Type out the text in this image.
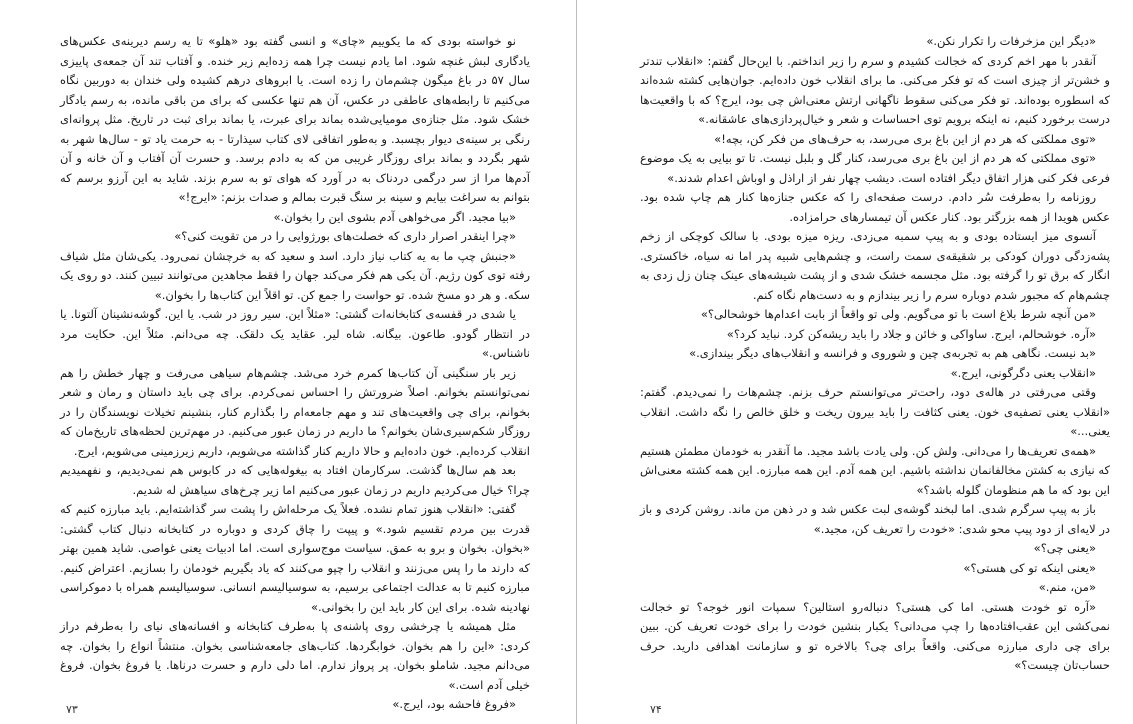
نو خواسته بودی که ما یکوییم «چای» و انسی گفته بود «هلو» تا یه رسم دیرینه‌ی عکس‌های یادگاری لبش غنچه شود. اما یادم نیست چرا همه زده‌ایم زیر خنده. و آفتاب تند آن جمعه‌ی پاییزی سال ۵۷ در باغ میگون چشم‌مان را زده است. یا ابروهای درهم کشیده ولی خندان به دوربین نگاه می‌کنیم تا رابطه‌های عاطفی در عکس، آن هم تنها عکسی که برای من باقی مانده، به رسم یادگار خشک شود. مثل جنازه‌ی مومیایی‌شده بماند برای عبرت، یا بماند برای ثبت در تاریخ. مثل پروانه‌ای رنگی بر سینه‌ی دیوار بچسبد. و به‌طور اتفاقی لای کتاب سیذارتا - به حرمت یاد تو - سال‌ها شهر به شهر بگردد و بماند برای روزگار غریبی من که به دادم برسد. و حسرت آن آفتاب و آن خانه و آن آدم‌ها مرا از سر درگمی دردناک به در آورد که هوای تو به سرم بزند. شاید به این آرزو برسم که بتوانم به سراغت بیایم و سینه بر سنگ قبرت بمالم و صدات بزنم: «ایرج!»

«بیا مجید. اگر می‌خواهی آدم بشوی این را بخوان.»

«چرا اینقدر اصرار داری که خصلت‌های بورژوایی را در من تقویت کنی؟»

«جنبش چپ ما به یه کتاب نیاز دارد. اسد و سعید که به خرچشان نمی‌رود. یکی‌شان مثل شیاف رفته توی کون رژیم. آن یکی هم فکر می‌کند جهان را فقط مجاهدین می‌توانند تبیین کنند. دو روی یک سکه. و هر دو مسخ شده. تو حواست را جمع کن. تو اقلاً این کتاب‌ها را بخوان.»

یا شدی در قفسه‌ی کتابخانه‌ات گشتی: «مثلاً این. سیر روز در شب. یا این. گوشه‌نشینان آلتونا. یا در انتظار گودو. طاعون. بیگانه. شاه لیر. عقاید یک دلقک. چه می‌دانم. مثلاً این. حکایت مرد ناشناس.»

زیر بار سنگینی آن کتاب‌ها کمرم خرد می‌شد. چشم‌هام سیاهی می‌رفت و چهار خطش را هم نمی‌توانستم بخوانم. اصلاً ضرورتش را احساس نمی‌کردم. برای چی باید داستان و رمان و شعر بخوانم، برای چی واقعیت‌های تند و مهم جامعه‌ام را بگذارم کنار، بنشینم تخیلات نویسندگان را در روزگار شکم‌سیری‌شان بخوانم؟ ما داریم در زمان عبور می‌کنیم. در مهم‌ترین لحظه‌های تاریخ‌مان که انقلاب کرده‌ایم. خون داده‌ایم و حالا داریم کنار گذاشته می‌شویم، داریم زیرزمینی می‌شویم، ایرج.

بعد هم سال‌ها گذشت. سرکارمان افتاد به بیغوله‌هایی که در کابوس هم نمی‌دیدیم، و نفهمیدیم چرا؟ خیال می‌کردیم داریم در زمان عبور می‌کنیم اما زیر چرخ‌های سیاهش له شدیم.

گفتی: «انقلاب هنوز تمام نشده. فعلاً یک مرحله‌اش را پشت سر گذاشته‌ایم. باید مبارزه کنیم که قدرت بین مردم تقسیم شود.» و پیپت را چاق کردی و دوباره در کتابخانه دنبال کتاب گشتی: «بخوان. بخوان و برو به عمق. سیاست موج‌سواری است. اما ادبیات یعنی غواصی. شاید همین بهتر که دارند ما را پس می‌زنند و انقلاب را چپو می‌کنند که یاد بگیریم خودمان را بسازیم. اعتراض کنیم. مبارزه کنیم تا به عدالت اجتماعی برسیم، به سوسیالیسم انسانی. سوسیالیسم همراه با دموکراسی نهادینه شده. برای این کار باید این را بخوانی.»

مثل همیشه یا چرخشی روی پاشنه‌ی پا به‌طرف کتابخانه و افسانه‌های نیای را به‌طرفم دراز کردی: «این را هم بخوان. خوابگردها. کتاب‌های جامعه‌شناسی بخوان. منتشاً انواع را بخوان. چه می‌دانم مجید. شاملو بخوان. پر پرواز ندارم. اما دلی دارم و حسرت درناها. یا فروغ بخوان. فروغ خیلی آدم است.»

«فروغ فاحشه بود، ایرج.»

«دیگر این مزخرفات را تکرار نکن.»

آنقدر با مهر اخم کردی که خجالت کشیدم و سرم را زیر انداختم. با این‌حال گفتم: «انقلاب تندتر و خشن‌تر از چیزی است که تو فکر می‌کنی. ما برای انقلاب خون داده‌ایم. جوان‌هایی کشته شده‌اند که اسطوره بوده‌اند. تو فکر می‌کنی سقوط ناگهانی ارتش معنی‌اش چی بود، ایرج؟ که با واقعیت‌ها درست برخورد کنیم، نه اینکه برویم توی احساسات و شعر و خیال‌پردازی‌های عاشقانه.»

«توی مملکتی که هر دم از این باغ بری می‌رسد، به حرف‌های من فکر کن، بچه!»

«توی مملکتی که هر دم از این باغ بری می‌رسد، کنار گل و بلبل نیست. تا تو بیایی به یک موضوع فرعی فکر کنی هزار اتفاق دیگر افتاده است. دیشب چهار نفر از اراذل و اوباش اعدام شدند.»

روزنامه را به‌طرفت سُر دادم. درست صفحه‌ای را که عکس جنازه‌ها کنار هم چاپ شده بود. عکس هویدا از همه بزرگتر بود. کنار عکس آن تیمسارهای حرامزاده.

آنسوی میز ایستاده بودی و به پیپ سمبه می‌زدی. ریزه میزه بودی. با سالک کوچکی از زخم پشه‌زدگی دوران کودکی بر شقیقه‌ی سمت راست، و چشم‌هایی شبیه پدر اما نه سیاه، خاکستری. انگار که برق تو را گرفته بود. مثل مجسمه خشک شدی و از پشت شیشه‌های عینک چنان زل زدی به چشم‌هام که مجبور شدم دوباره سرم را زیر بیندازم و به دست‌هام نگاه کنم.

«من آنچه شرط بلاغ است با تو می‌گویم. ولی تو واقعاً از بابت اعدام‌ها خوشحالی؟»

«آره. خوشحالم، ایرج. ساواکی و خائن و جلاد را باید ریشه‌کن کرد. نباید کرد؟»

«بد نیست. نگاهی هم به تجربه‌ی چین و شوروی و فرانسه و انقلاب‌های دیگر بیندازی.»

«انقلاب یعنی دگرگونی، ایرج.»

وقتی می‌رفتی در هاله‌ی دود، راحت‌تر می‌توانستم حرف بزنم. چشم‌هات را نمی‌دیدم. گفتم: «انقلاب یعنی تصفیه‌ی خون. یعنی کثافت را باید بیرون ریخت و خلق خالص را نگه داشت. انقلاب یعنی...»

«همه‌ی تعریف‌ها را می‌دانی. ولش کن. ولی یادت باشد مجید. ما آنقدر به خودمان مطمئن هستیم که نیازی به کشتن مخالفانمان نداشته باشیم. این همه آدم. این همه مبارزه. این همه کشته معنی‌اش این بود که ما هم منظومان گلوله باشد؟»

باز به پیپ سرگرم شدی. اما لبخند گوشه‌ی لبت عکس شد و در ذهن من ماند. روشن کردی و باز در لایه‌ای از دود پیپ محو شدی: «خودت را تعریف کن، مجید.»

«یعنی چی؟»

«یعنی اینکه تو کی هستی؟»

«من، منم.»

«آره تو خودت هستی. اما کی هستی؟ دنباله‌رو استالین؟ سمپات انور خوجه؟ تو خجالت نمی‌کشی این عقب‌افتاده‌ها را چپ می‌دانی؟ یکبار بنشین خودت را برای خودت تعریف کن. ببین برای چی داری مبارزه می‌کنی. واقعاً برای چی؟ بالاخره تو و سازمانت اهدافی دارید. حرف حساب‌تان چیست؟»

۷۳	۷۴
